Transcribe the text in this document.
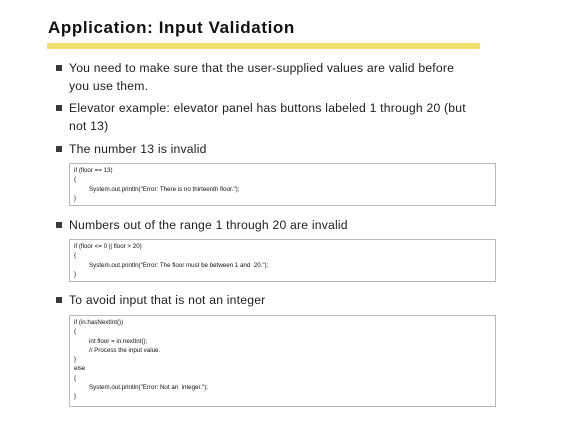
Application: Input Validation
You need to make sure that the user-supplied values are valid before
you use them.
Elevator example: elevator panel has buttons labeled 1 through 20 (but
not 13)
The number 13 is invalid
if (floor == 13)
{
System.out.println("Error: There is no thirteenth floor.");
}
Numbers out of the range 1 through 20 are invalid
if (floor <= 0 || floor > 20)
{
System.out.println("Error: The floor must be between 1 and  20.");
}
To avoid input that is not an integer
if (in.hasNextInt())
{
int floor = in.nextInt();
// Process the input value.
}
else
{
System.out.println("Error: Not an  integer.");
}
